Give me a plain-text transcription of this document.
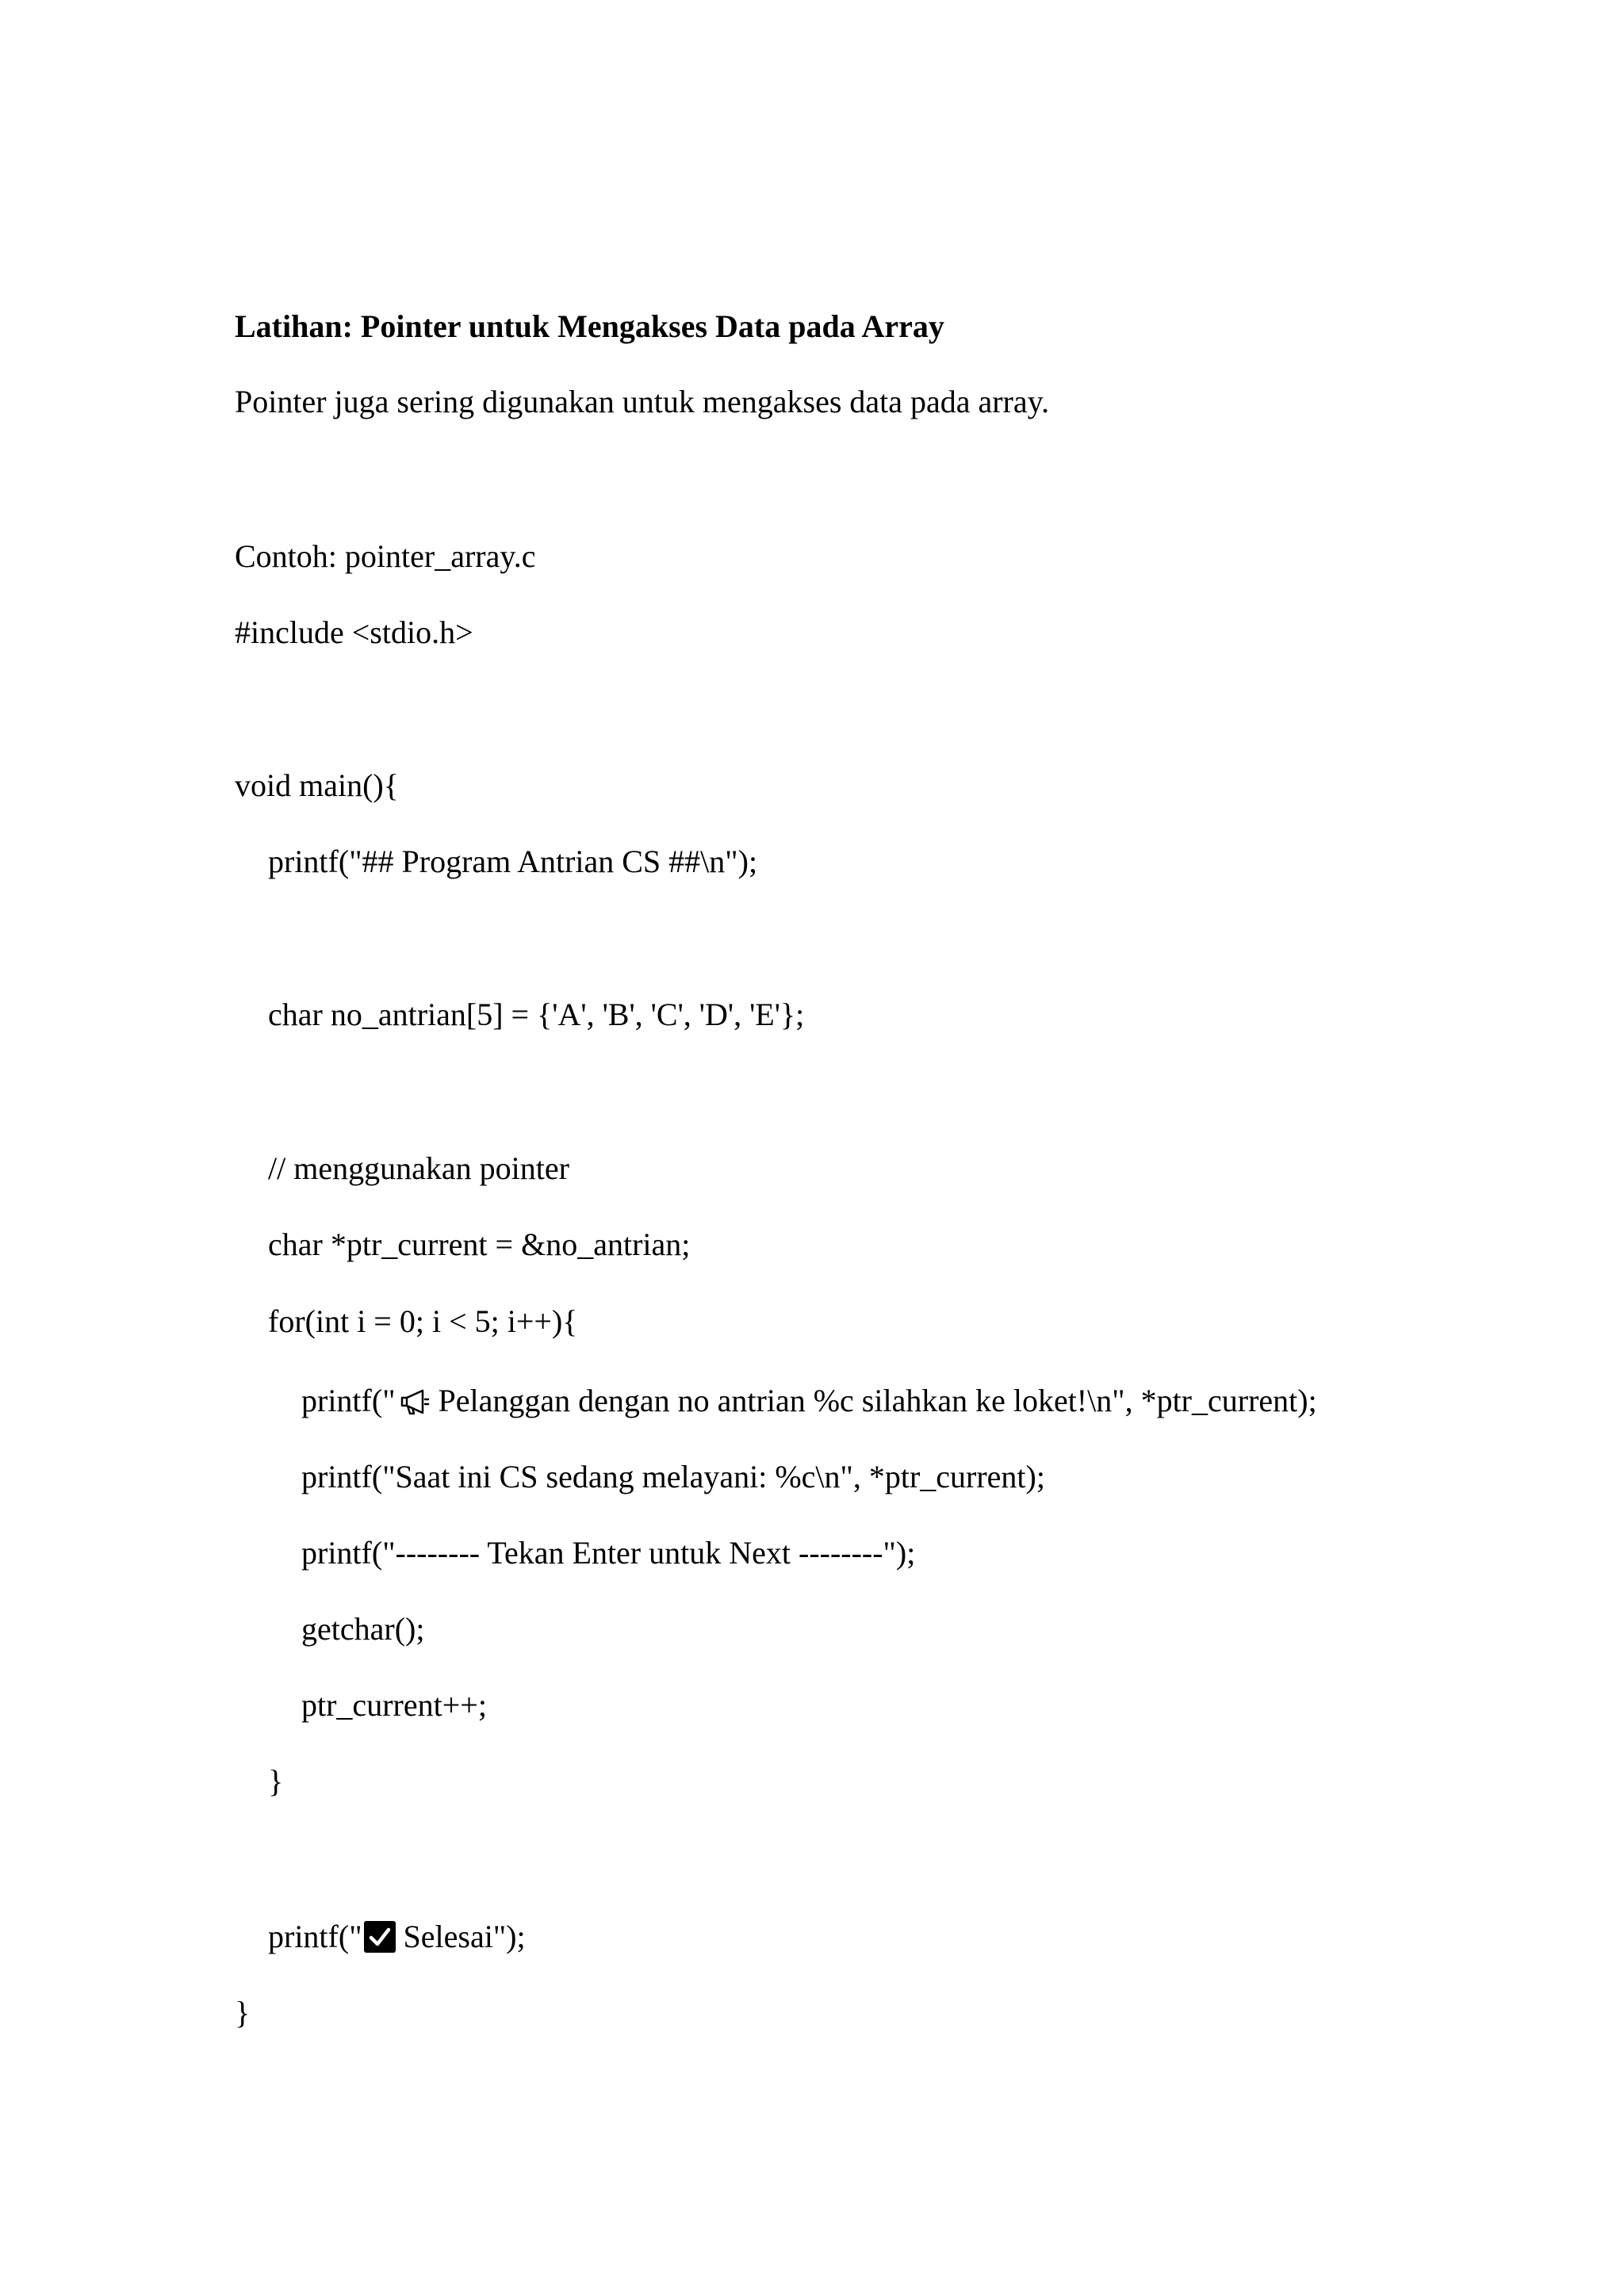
Latihan: Pointer untuk Mengakses Data pada Array
Pointer juga sering digunakan untuk mengakses data pada array.
Contoh: pointer_array.c
#include <stdio.h>
void main(){
printf("## Program Antrian CS ##\n");
char no_antrian[5] = {'A', 'B', 'C', 'D', 'E'};
// menggunakan pointer
char *ptr_current = &no_antrian;
for(int i = 0; i < 5; i++){
printf(" Pelanggan dengan no antrian %c silahkan ke loket!\n", *ptr_current);
printf("Saat ini CS sedang melayani: %c\n", *ptr_current);
printf("-------- Tekan Enter untuk Next --------");
getchar();
ptr_current++;
}
printf(" Selesai");
}
